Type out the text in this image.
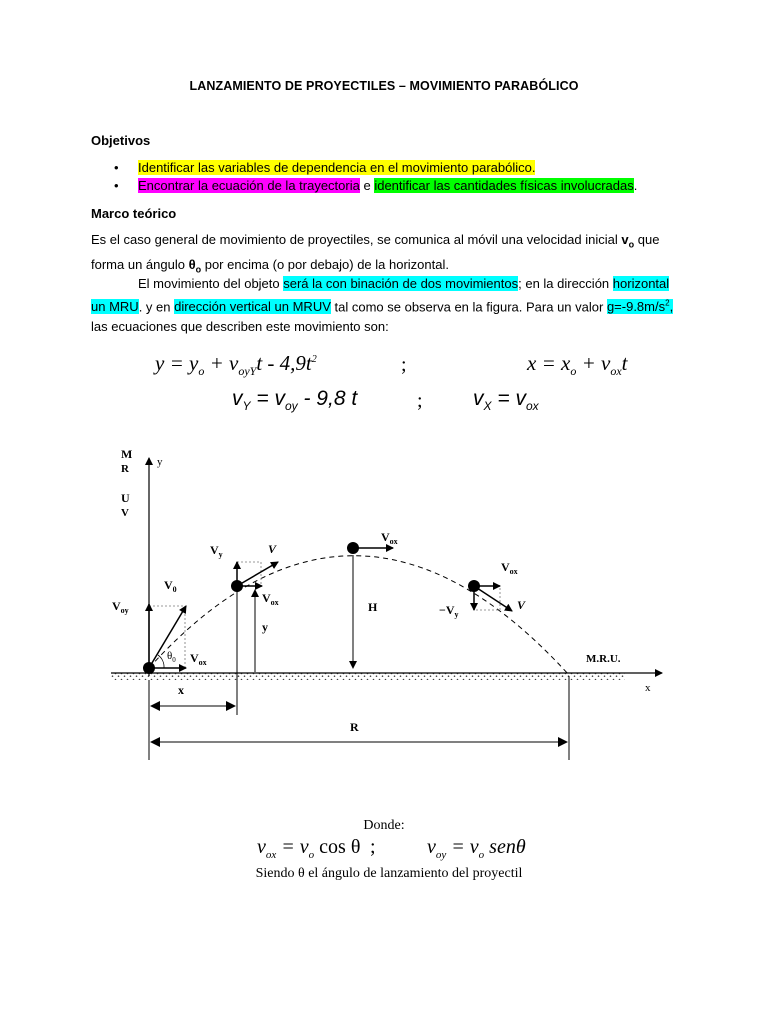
LANZAMIENTO DE PROYECTILES – MOVIMIENTO PARABÓLICO
Objetivos
• Identificar las variables de dependencia en el movimiento parabólico.
• Encontrar la ecuación de la trayectoria e identificar las cantidades físicas involucradas.
Marco teórico
Es el caso general de movimiento de proyectiles, se comunica al móvil una velocidad inicial $v_o$ que
forma un ángulo $\theta_o$ por encima (o por debajo) de la horizontal.
El movimiento del objeto será la con binación de dos movimientos; en la dirección horizontal
un MRU. y en dirección vertical un MRUV tal como se observa en la figura. Para un valor $g=-9.8m/s^2$,
las ecuaciones que describen este movimiento son:
$y = y_o + v_{oyY}t - 4,9t^2$	;	$x = x_o + v_{ox}t$
$v_Y = v_{oy} - 9,8$ t	; $v_X = v_{ox}$
M
R
U
V
y
x
$V_{oy}$
$V_0$
$\theta_0$ $V_{ox}$
$V_y$	V
$V_{ox}$
y
$V_{ox}$
H
$V_{ox}$
$-V_y$
V
M.R.U.
x
R
Donde:
$v_{ox} = v_o$ cos θ ;	$v_{oy} = v_o$ senθ
Siendo θ el ángulo de lanzamiento del proyectil
